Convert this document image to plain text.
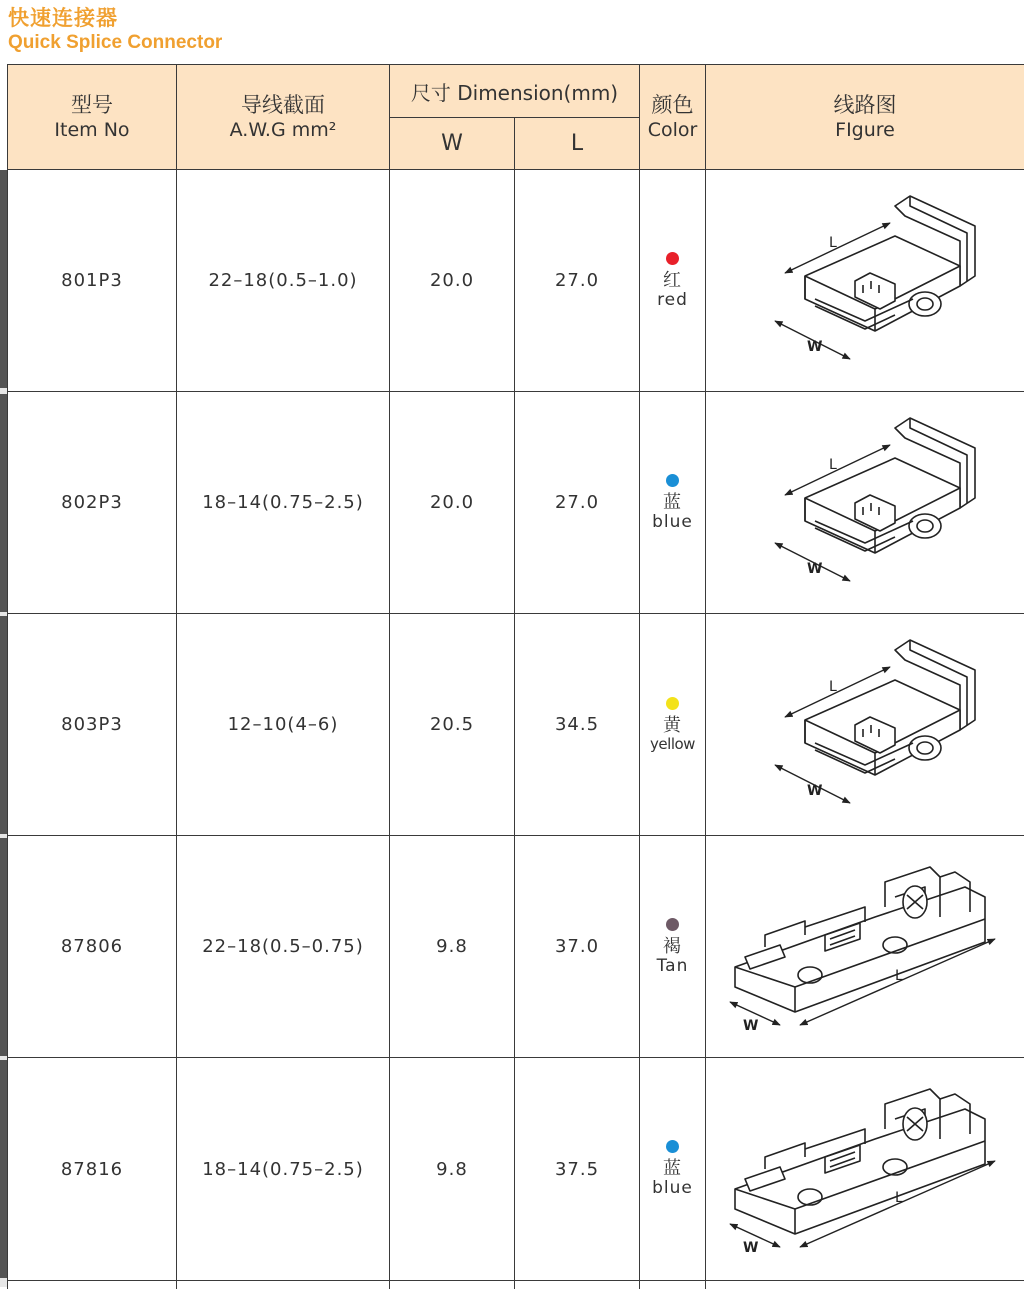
快速连接器
Quick Splice Connector
型号
Item No	导线截面
A.W.G mm²	尺寸 Dimension(mm)		颜色
Color	线路图
FIgure

		W	L		
801P3	22–18(0.5–1.0)	20.0	27.0	红
red	L
W

802P3	18–14(0.75–2.5)	20.0	27.0	蓝
blue	L
W

803P3	12–10(4–6)	20.5	34.5	黄
yellow	L
W

87806	22–18(0.5–0.75)	9.8	37.0	褐
Tan	L
W

87816	18–14(0.75–2.5)	9.8	37.5	蓝
blue	L
W
